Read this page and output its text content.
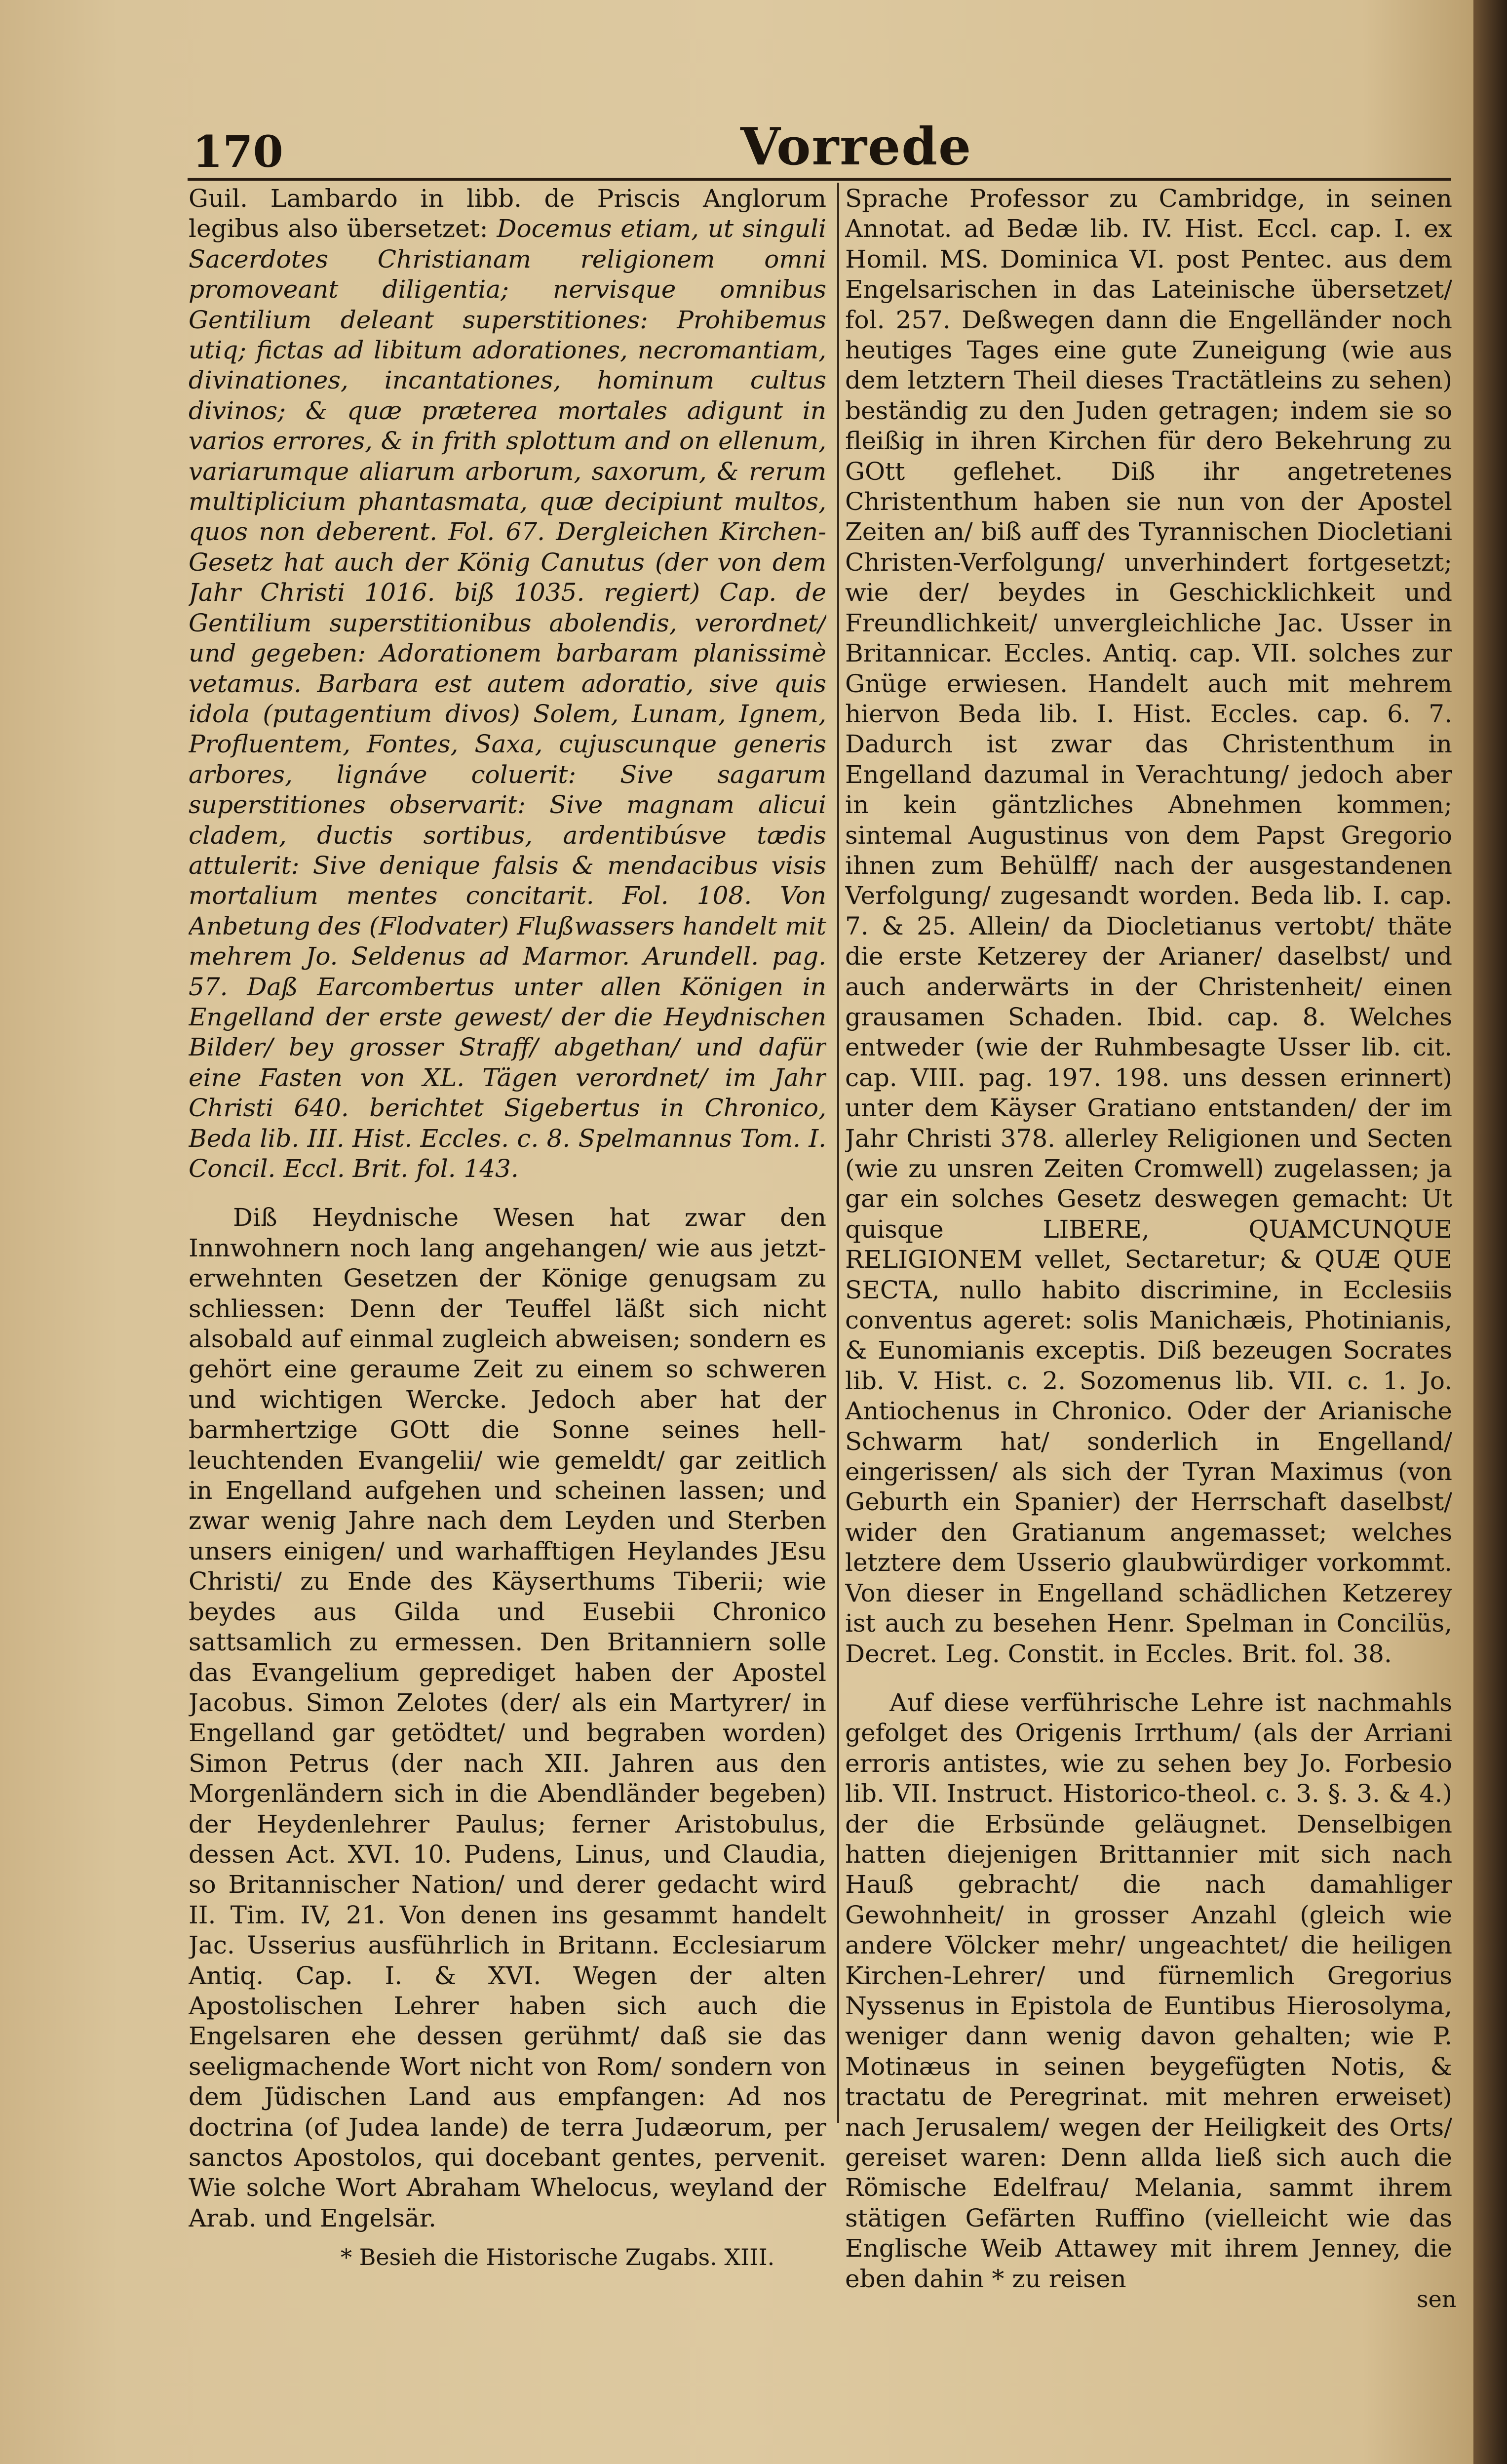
170	Vorrede

Guil. Lambardo in libb. de Priscis Anglorum legibus also übersetzet: Docemus etiam, ut singuli Sacerdotes Christianam religionem omni promoveant diligentia; nervisque omnibus Gentilium deleant superstitiones: Prohibemus utiq; fictas ad libitum adorationes, necromantiam, divinationes, incantationes, hominum cultus divinos; & quæ præterea mortales adigunt in varios errores, & in frith splottum and on ellenum, variarumque aliarum arborum, saxorum, & rerum multiplicium phantasmata, quæ decipiunt multos, quos non deberent. Fol. 67. Dergleichen Kirchen-Gesetz hat auch der König Canutus (der von dem Jahr Christi 1016. biß 1035. regiert) Cap. de Gentilium superstitionibus abolendis, verordnet/ und gegeben: Adorationem barbaram planissimè vetamus. Barbara est autem adoratio, sive quis idola (putagentium divos) Solem, Lunam, Ignem, Profluentem, Fontes, Saxa, cujuscunque generis arbores, lignáve coluerit: Sive sagarum superstitiones observarit: Sive magnam alicui cladem, ductis sortibus, ardentibúsve tædis attulerit: Sive denique falsis & mendacibus visis mortalium mentes concitarit. Fol. 108. Von Anbetung des (Flodvater) Flußwassers handelt mit mehrem Jo. Seldenus ad Marmor. Arundell. pag. 57. Daß Earcombertus unter allen Königen in Engelland der erste gewest/ der die Heydnischen Bilder/ bey grosser Straff/ abgethan/ und dafür eine Fasten von XL. Tägen verordnet/ im Jahr Christi 640. berichtet Sigebertus in Chronico, Beda lib. III. Hist. Eccles. c. 8. Spelmannus Tom. I. Concil. Eccl. Brit. fol. 143.

Diß Heydnische Wesen hat zwar den Innwohnern noch lang angehangen/ wie aus jetzt-erwehnten Gesetzen der Könige genugsam zu schliessen: Denn der Teuffel läßt sich nicht alsobald auf einmal zugleich abweisen; sondern es gehört eine geraume Zeit zu einem so schweren und wichtigen Wercke. Jedoch aber hat der barmhertzige GOtt die Sonne seines hell-leuchtenden Evangelii/ wie gemeldt/ gar zeitlich in Engelland aufgehen und scheinen lassen; und zwar wenig Jahre nach dem Leyden und Sterben unsers einigen/ und warhafftigen Heylandes JEsu Christi/ zu Ende des Käyserthums Tiberii; wie beydes aus Gilda und Eusebii Chronico sattsamlich zu ermessen. Den Britanniern solle das Evangelium geprediget haben der Apostel Jacobus. Simon Zelotes (der/ als ein Martyrer/ in Engelland gar getödtet/ und begraben worden) Simon Petrus (der nach XII. Jahren aus den Morgenländern sich in die Abendländer begeben) der Heydenlehrer Paulus; ferner Aristobulus, dessen Act. XVI. 10. Pudens, Linus, und Claudia, so Britannischer Nation/ und derer gedacht wird II. Tim. IV, 21. Von denen ins gesammt handelt Jac. Usserius ausführlich in Britann. Ecclesiarum Antiq. Cap. I. & XVI. Wegen der alten Apostolischen Lehrer haben sich auch die Engelsaren ehe dessen gerühmt/ daß sie das seeligmachende Wort nicht von Rom/ sondern von dem Jüdischen Land aus empfangen: Ad nos doctrina (of Judea lande) de terra Judæorum, per sanctos Apostolos, qui docebant gentes, pervenit. Wie solche Wort Abraham Whelocus, weyland der Arab. und Engelsär.

Sprache Professor zu Cambridge, in seinen Annotat. ad Bedæ lib. IV. Hist. Eccl. cap. I. ex Homil. MS. Dominica VI. post Pentec. aus dem Engelsarischen in das Lateinische übersetzet/ fol. 257. Deßwegen dann die Engelländer noch heutiges Tages eine gute Zuneigung (wie aus dem letztern Theil dieses Tractätleins zu sehen) beständig zu den Juden getragen; indem sie so fleißig in ihren Kirchen für dero Bekehrung zu GOtt geflehet. Diß ihr angetretenes Christenthum haben sie nun von der Apostel Zeiten an/ biß auff des Tyrannischen Diocletiani Christen-Verfolgung/ unverhindert fortgesetzt; wie der/ beydes in Geschicklichkeit und Freundlichkeit/ unvergleichliche Jac. Usser in Britannicar. Eccles. Antiq. cap. VII. solches zur Gnüge erwiesen. Handelt auch mit mehrem hiervon Beda lib. I. Hist. Eccles. cap. 6. 7. Dadurch ist zwar das Christenthum in Engelland dazumal in Verachtung/ jedoch aber in kein gäntzliches Abnehmen kommen; sintemal Augustinus von dem Papst Gregorio ihnen zum Behülff/ nach der ausgestandenen Verfolgung/ zugesandt worden. Beda lib. I. cap. 7. & 25. Allein/ da Diocletianus vertobt/ thäte die erste Ketzerey der Arianer/ daselbst/ und auch anderwärts in der Christenheit/ einen grausamen Schaden. Ibid. cap. 8. Welches entweder (wie der Ruhmbesagte Usser lib. cit. cap. VIII. pag. 197. 198. uns dessen erinnert) unter dem Käyser Gratiano entstanden/ der im Jahr Christi 378. allerley Religionen und Secten (wie zu unsren Zeiten Cromwell) zugelassen; ja gar ein solches Gesetz deswegen gemacht: Ut quisque LIBERE, QUAMCUNQUE RELIGIONEM vellet, Sectaretur; & QUÆ QUE SECTA, nullo habito discrimine, in Ecclesiis conventus ageret: solis Manichæis, Photinianis, & Eunomianis exceptis. Diß bezeugen Socrates lib. V. Hist. c. 2. Sozomenus lib. VII. c. 1. Jo. Antiochenus in Chronico. Oder der Arianische Schwarm hat/ sonderlich in Engelland/ eingerissen/ als sich der Tyran Maximus (von Geburth ein Spanier) der Herrschaft daselbst/ wider den Gratianum angemasset; welches letztere dem Usserio glaubwürdiger vorkommt. Von dieser in Engelland schädlichen Ketzerey ist auch zu besehen Henr. Spelman in Concilüs, Decret. Leg. Constit. in Eccles. Brit. fol. 38.

Auf diese verführische Lehre ist nachmahls gefolget des Origenis Irrthum/ (als der Arriani erroris antistes, wie zu sehen bey Jo. Forbesio lib. VII. Instruct. Historico-theol. c. 3. §. 3. & 4.) der die Erbsünde geläugnet. Denselbigen hatten diejenigen Brittannier mit sich nach Hauß gebracht/ die nach damahliger Gewohnheit/ in grosser Anzahl (gleich wie andere Völcker mehr/ ungeachtet/ die heiligen Kirchen-Lehrer/ und fürnemlich Gregorius Nyssenus in Epistola de Euntibus Hierosolyma, weniger dann wenig davon gehalten; wie P. Motinæus in seinen beygefügten Notis, & tractatu de Peregrinat. mit mehren erweiset) nach Jerusalem/ wegen der Heiligkeit des Orts/ gereiset waren: Denn allda ließ sich auch die Römische Edelfrau/ Melania, sammt ihrem stätigen Gefärten Ruffino (vielleicht wie das Englische Weib Attawey mit ihrem Jenney, die eben dahin * zu reisen

* Besieh die Historische Zugabs. XIII.
sen
